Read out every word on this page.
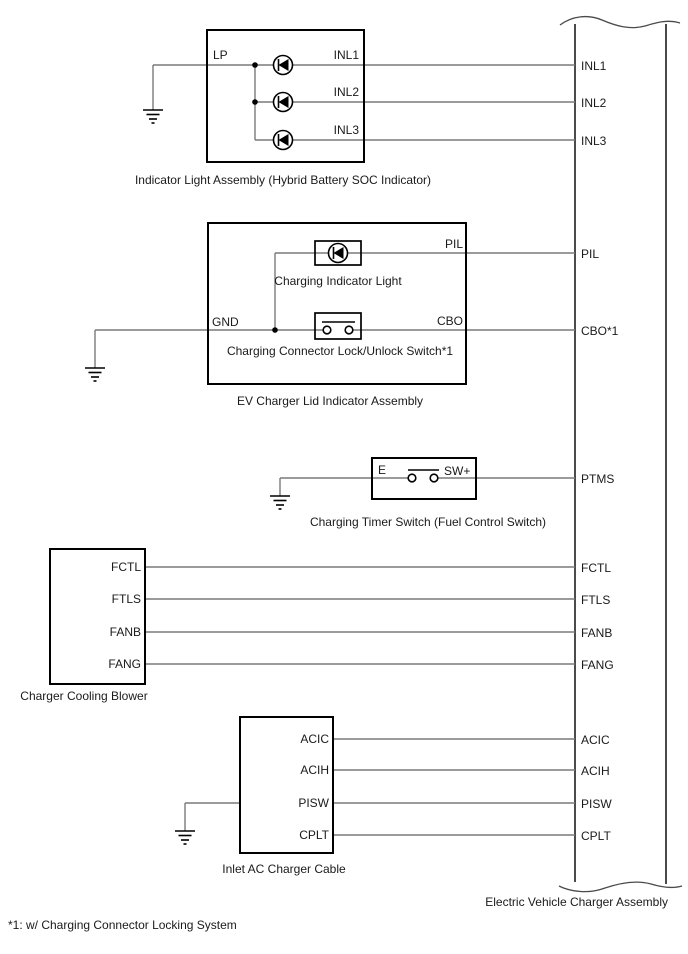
INL1
INL2
INL3
PIL
CBO*1
PTMS
FCTL
FTLS
FANB
FANG
ACIC
ACIH
PISW
CPLT
Electric Vehicle Charger Assembly
LP	INL1
INL2
INL3
Indicator Light Assembly (Hybrid Battery SOC Indicator)
GND
PIL
CBO
Charging Indicator Light
Charging Connector Lock/Unlock Switch*1
EV Charger Lid Indicator Assembly
E	SW+
Charging Timer Switch (Fuel Control Switch)
FCTL
FTLS
FANB
FANG
Charger Cooling Blower
ACIC
ACIH
PISW
CPLT
Inlet AC Charger Cable
*1: w/ Charging Connector Locking System
